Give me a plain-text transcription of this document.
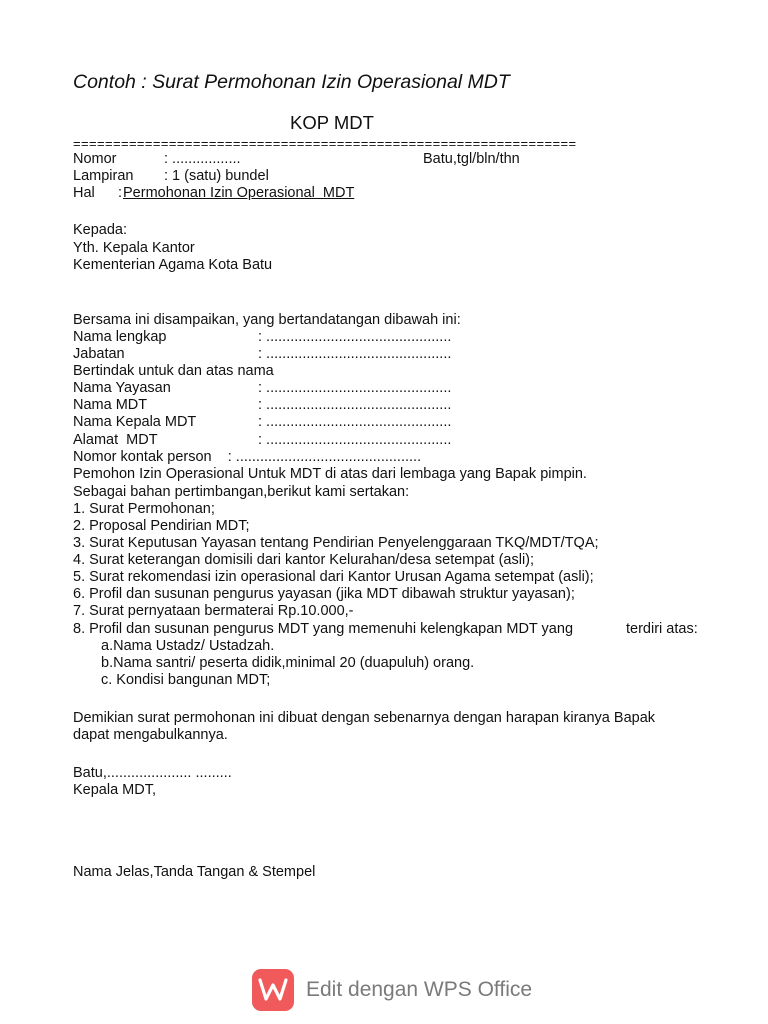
Contoh : Surat Permohonan Izin Operasional MDT
KOP MDT
===============================================================
Nomor	: .................	Batu,tgl/bln/thn
Lampiran : 1 (satu) bundel
Hal : Permohonan Izin Operasional  MDT
Kepada:
Yth. Kepala Kantor
Kementerian Agama Kota Batu
Bersama ini disampaikan, yang bertandatangan dibawah ini:
Nama lengkap	: ..............................................
Jabatan	: ..............................................
Bertindak untuk dan atas nama
Nama Yayasan	: ..............................................
Nama MDT	: ..............................................
Nama Kepala MDT	: ..............................................
Alamat  MDT	: ..............................................
Nomor kontak person    : ..............................................
Pemohon Izin Operasional Untuk MDT di atas dari lembaga yang Bapak pimpin.
Sebagai bahan pertimbangan,berikut kami sertakan:
1. Surat Permohonan;
2. Proposal Pendirian MDT;
3. Surat Keputusan Yayasan tentang Pendirian Penyelenggaraan TKQ/MDT/TQA;
4. Surat keterangan domisili dari kantor Kelurahan/desa setempat (asli);
5. Surat rekomendasi izin operasional dari Kantor Urusan Agama setempat (asli);
6. Profil dan susunan pengurus yayasan (jika MDT dibawah struktur yayasan);
7. Surat pernyataan bermaterai Rp.10.000,-
8. Profil dan susunan pengurus MDT yang memenuhi kelengkapan MDT yang	terdiri atas:
a.Nama Ustadz/ Ustadzah.
b.Nama santri/ peserta didik,minimal 20 (duapuluh) orang.
c. Kondisi bangunan MDT;
Demikian surat permohonan ini dibuat dengan sebenarnya dengan harapan kiranya Bapak
dapat mengabulkannya.
Batu,..................... .........
Kepala MDT,
Nama Jelas,Tanda Tangan & Stempel
Edit dengan WPS Office
